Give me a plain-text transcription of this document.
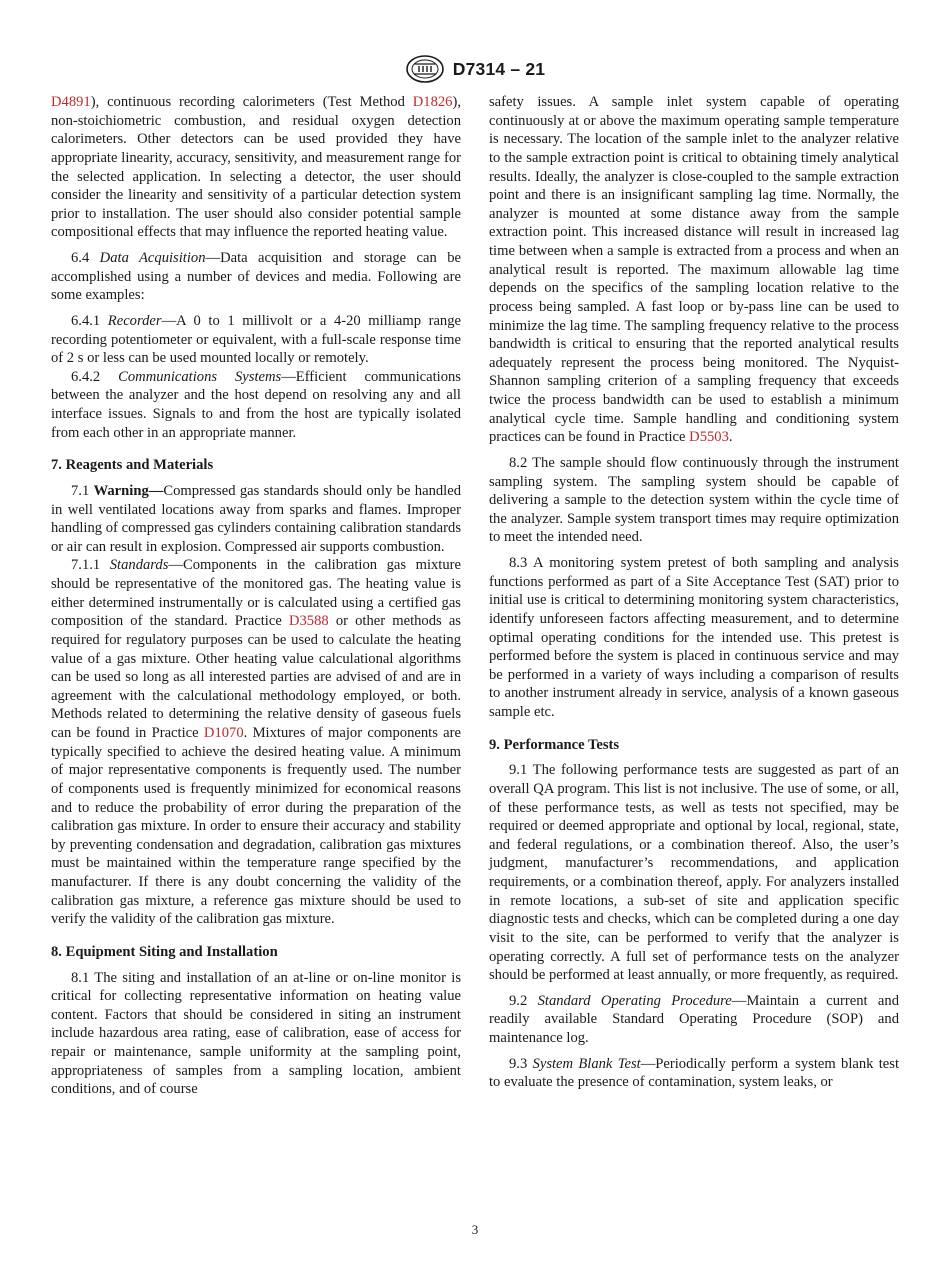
D7314 – 21

D4891), continuous recording calorimeters (Test Method D1826), non-stoichiometric combustion, and residual oxygen detection calorimeters. Other detectors can be used provided they have appropriate linearity, accuracy, sensitivity, and measurement range for the selected application. In selecting a detector, the user should consider the linearity and sensitivity of a particular detection system prior to installation. The user should also consider potential sample compositional effects that may influence the reported heating value.

6.4 Data Acquisition—Data acquisition and storage can be accomplished using a number of devices and media. Following are some examples:

6.4.1 Recorder—A 0 to 1 millivolt or a 4-20 milliamp range recording potentiometer or equivalent, with a full-scale response time of 2 s or less can be used mounted locally or remotely.

6.4.2 Communications Systems—Efficient communications between the analyzer and the host depend on resolving any and all interface issues. Signals to and from the host are typically isolated from each other in an appropriate manner.

7. Reagents and Materials

7.1 Warning—Compressed gas standards should only be handled in well ventilated locations away from sparks and flames. Improper handling of compressed gas cylinders containing calibration standards or air can result in explosion. Compressed air supports combustion.

7.1.1 Standards—Components in the calibration gas mixture should be representative of the monitored gas. The heating value is either determined instrumentally or is calculated using a certified gas composition of the standard. Practice D3588 or other methods as required for regulatory purposes can be used to calculate the heating value of a gas mixture. Other heating value calculational algorithms can be used so long as all interested parties are advised of and are in agreement with the calculational methodology employed, or both. Methods related to determining the relative density of gaseous fuels can be found in Practice D1070. Mixtures of major components are typically specified to achieve the desired heating value. A minimum of major representative components is frequently used. The number of components used is frequently minimized for economical reasons and to reduce the probability of error during the preparation of the calibration gas mixture. In order to ensure their accuracy and stability by preventing condensation and degradation, calibration gas mixtures must be maintained within the temperature range specified by the manufacturer. If there is any doubt concerning the validity of the calibration gas mixture, a reference gas mixture should be used to verify the validity of the calibration gas mixture.

8. Equipment Siting and Installation

8.1 The siting and installation of an at-line or on-line monitor is critical for collecting representative information on heating value content. Factors that should be considered in siting an instrument include hazardous area rating, ease of calibration, ease of access for repair or maintenance, sample uniformity at the sampling point, appropriateness of samples from a sampling location, ambient conditions, and of course

safety issues. A sample inlet system capable of operating continuously at or above the maximum operating sample temperature is necessary. The location of the sample inlet to the analyzer relative to the sample extraction point is critical to obtaining timely analytical results. Ideally, the analyzer is close-coupled to the sample extraction point and there is an insignificant sampling lag time. Normally, the analyzer is mounted at some distance away from the sample extraction point. This increased distance will result in increased lag time between when a sample is extracted from a process and when an analytical result is reported. The maximum allowable lag time depends on the specifics of the sampling location relative to the process being sampled. A fast loop or by-pass line can be used to minimize the lag time. The sampling frequency relative to the process bandwidth is critical to ensuring that the reported analytical results adequately represent the process being monitored. The Nyquist-Shannon sampling criterion of a sampling frequency that exceeds twice the process bandwidth can be used to establish a minimum analytical cycle time. Sample handling and conditioning system practices can be found in Practice D5503.

8.2 The sample should flow continuously through the instrument sampling system. The sampling system should be capable of delivering a sample to the detection system within the cycle time of the analyzer. Sample system transport times may require optimization to meet the intended need.

8.3 A monitoring system pretest of both sampling and analysis functions performed as part of a Site Acceptance Test (SAT) prior to initial use is critical to determining monitoring system characteristics, identify unforeseen factors affecting measurement, and to determine optimal operating conditions for the intended use. This pretest is performed before the system is placed in continuous service and may be performed in a variety of ways including a comparison of results to another instrument already in service, analysis of a known gaseous sample etc.

9. Performance Tests

9.1 The following performance tests are suggested as part of an overall QA program. This list is not inclusive. The use of some, or all, of these performance tests, as well as tests not specified, may be required or deemed appropriate and optional by local, regional, state, and federal regulations, or a combination thereof. Also, the user’s judgment, manufacturer’s recommendations, and application requirements, or a combination thereof, apply. For analyzers installed in remote locations, a sub-set of site and application specific diagnostic tests and checks, which can be completed during a one day visit to the site, can be performed to verify that the analyzer is operating correctly. A full set of performance tests on the analyzer should be performed at least annually, or more frequently, as required.

9.2 Standard Operating Procedure—Maintain a current and readily available Standard Operating Procedure (SOP) and maintenance log.

9.3 System Blank Test—Periodically perform a system blank test to evaluate the presence of contamination, system leaks, or

3
